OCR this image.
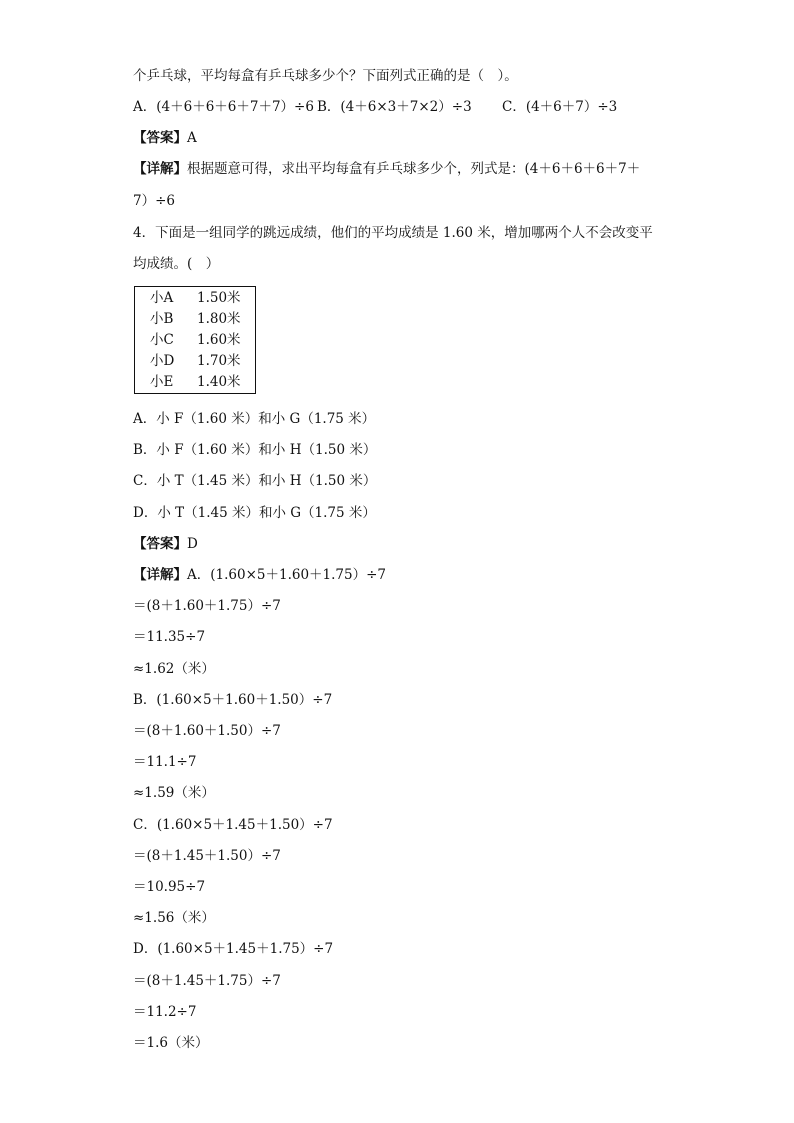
个乒乓球，平均每盒有乒乓球多少个？下面列式正确的是（　）。
A．(4＋6＋6＋6＋7＋7）÷6 B．(4＋6×3＋7×2）÷3 C．(4＋6＋7）÷3
【答案】A
【详解】根据题意可得，求出平均每盒有乒乓球多少个，列式是：(4＋6＋6＋6＋7＋
7）÷6
4．下面是一组同学的跳远成绩，他们的平均成绩是 1.60 米，增加哪两个人不会改变平
均成绩。(　）
小A 1.50米
小B 1.80米
小C 1.60米
小D 1.70米
小E 1.40米
A．小 F（1.60 米）和小 G（1.75 米）
B．小 F（1.60 米）和小 H（1.50 米）
C．小 T（1.45 米）和小 H（1.50 米）
D．小 T（1.45 米）和小 G（1.75 米）
【答案】D
【详解】A．(1.60×5＋1.60＋1.75）÷7
＝(8＋1.60＋1.75）÷7
＝11.35÷7
≈1.62（米）
B．(1.60×5＋1.60＋1.50）÷7
＝(8＋1.60＋1.50）÷7
＝11.1÷7
≈1.59（米）
C．(1.60×5＋1.45＋1.50）÷7
＝(8＋1.45＋1.50）÷7
＝10.95÷7
≈1.56（米）
D．(1.60×5＋1.45＋1.75）÷7
＝(8＋1.45＋1.75）÷7
＝11.2÷7
＝1.6（米）
